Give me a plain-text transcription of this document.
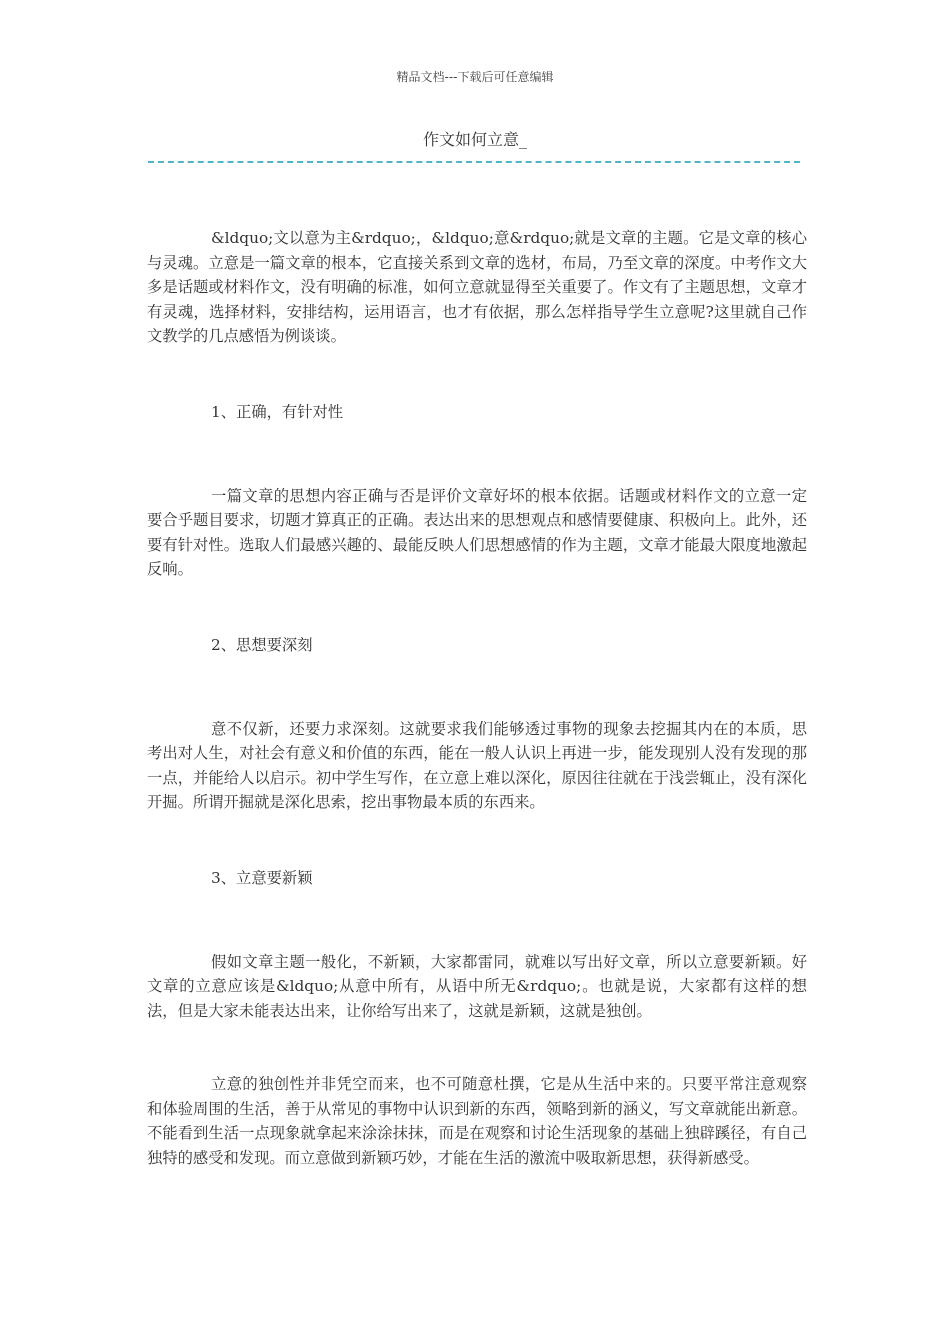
精品文档---下载后可任意编辑
作文如何立意_

&ldquo;文以意为主&rdquo;，&ldquo;意&rdquo;就是文章的主题。它是文章的核心与灵魂。立意是一篇文章的根本，它直接关系到文章的选材，布局，乃至文章的深度。中考作文大多是话题或材料作文，没有明确的标准，如何立意就显得至关重要了。作文有了主题思想，文章才有灵魂，选择材料，安排结构，运用语言，也才有依据，那么怎样指导学生立意呢?这里就自己作文教学的几点感悟为例谈谈。

1、正确，有针对性

一篇文章的思想内容正确与否是评价文章好坏的根本依据。话题或材料作文的立意一定要合乎题目要求，切题才算真正的正确。表达出来的思想观点和感情要健康、积极向上。此外，还要有针对性。选取人们最感兴趣的、最能反映人们思想感情的作为主题，文章才能最大限度地激起反响。

2、思想要深刻

意不仅新，还要力求深刻。这就要求我们能够透过事物的现象去挖掘其内在的本质，思考出对人生，对社会有意义和价值的东西，能在一般人认识上再进一步，能发现别人没有发现的那一点，并能给人以启示。初中学生写作，在立意上难以深化，原因往往就在于浅尝辄止，没有深化开掘。所谓开掘就是深化思索，挖出事物最本质的东西来。

3、立意要新颖

假如文章主题一般化，不新颖，大家都雷同，就难以写出好文章，所以立意要新颖。好文章的立意应该是&ldquo;从意中所有，从语中所无&rdquo;。也就是说，大家都有这样的想法，但是大家未能表达出来，让你给写出来了，这就是新颖，这就是独创。

立意的独创性并非凭空而来，也不可随意杜撰，它是从生活中来的。只要平常注意观察和体验周围的生活，善于从常见的事物中认识到新的东西，领略到新的涵义，写文章就能出新意。不能看到生活一点现象就拿起来涂涂抹抹，而是在观察和讨论生活现象的基础上独辟蹊径，有自己独特的感受和发现。而立意做到新颖巧妙，才能在生活的激流中吸取新思想，获得新感受。
